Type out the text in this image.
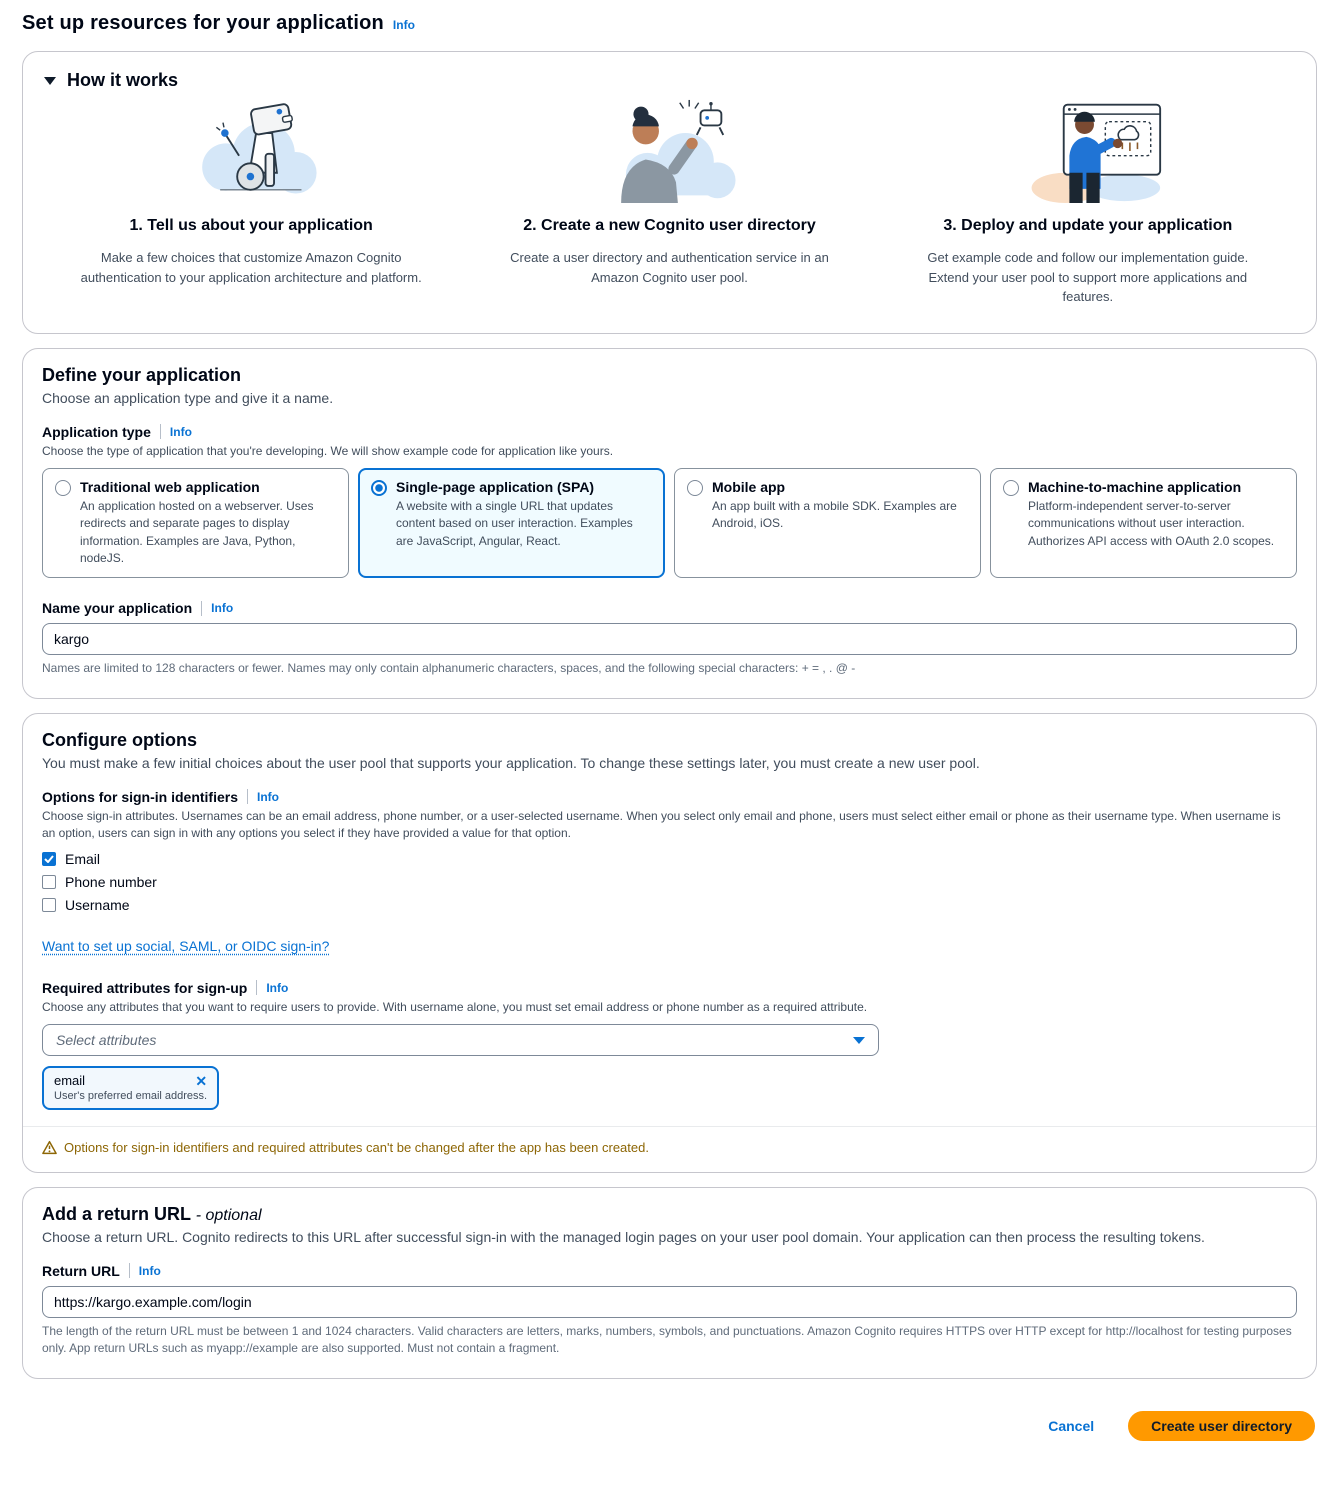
Set up resources for your application Info
How it works
1. Tell us about your application
Make a few choices that customize Amazon Cognito authentication to your application architecture and platform.
2. Create a new Cognito user directory
Create a user directory and authentication service in an Amazon Cognito user pool.
3. Deploy and update your application
Get example code and follow our implementation guide. Extend your user pool to support more applications and features.
Define your application

Choose an application type and give it a name.

Application type Info
Choose the type of application that you're developing. We will show example code for application like yours.
Traditional web application
An application hosted on a webserver. Uses redirects and separate pages to display information. Examples are Java, Python, nodeJS.
Single-page application (SPA)
A website with a single URL that updates content based on user interaction. Examples are JavaScript, Angular, React.
Mobile app
An app built with a mobile SDK. Examples are Android, iOS.
Machine-to-machine application
Platform-independent server-to-server communications without user interaction. Authorizes API access with OAuth 2.0 scopes.
Name your application Info
kargo
Names are limited to 128 characters or fewer. Names may only contain alphanumeric characters, spaces, and the following special characters: + = , . @ -
Configure options

You must make a few initial choices about the user pool that supports your application. To change these settings later, you must create a new user pool.

Options for sign-in identifiers Info
Choose sign-in attributes. Usernames can be an email address, phone number, or a user-selected username. When you select only email and phone, users must select either email or phone as their username type. When username is an option, users can sign in with any options you select if they have provided a value for that option.
Email
Phone number
Username
Want to set up social, SAML, or OIDC sign-in?
Required attributes for sign-up Info
Choose any attributes that you want to require users to provide. With username alone, you must set email address or phone number as a required attribute.
Select attributes
email	✕
User's preferred email address.
Options for sign-in identifiers and required attributes can't be changed after the app has been created.
Add a return URL - optional

Choose a return URL. Cognito redirects to this URL after successful sign-in with the managed login pages on your user pool domain. Your application can then process the resulting tokens.

Return URL Info
https://kargo.example.com/login
The length of the return URL must be between 1 and 1024 characters. Valid characters are letters, marks, numbers, symbols, and punctuations. Amazon Cognito requires HTTPS over HTTP except for http://localhost for testing purposes only. App return URLs such as myapp://example are also supported. Must not contain a fragment.
Cancel	Create user directory
